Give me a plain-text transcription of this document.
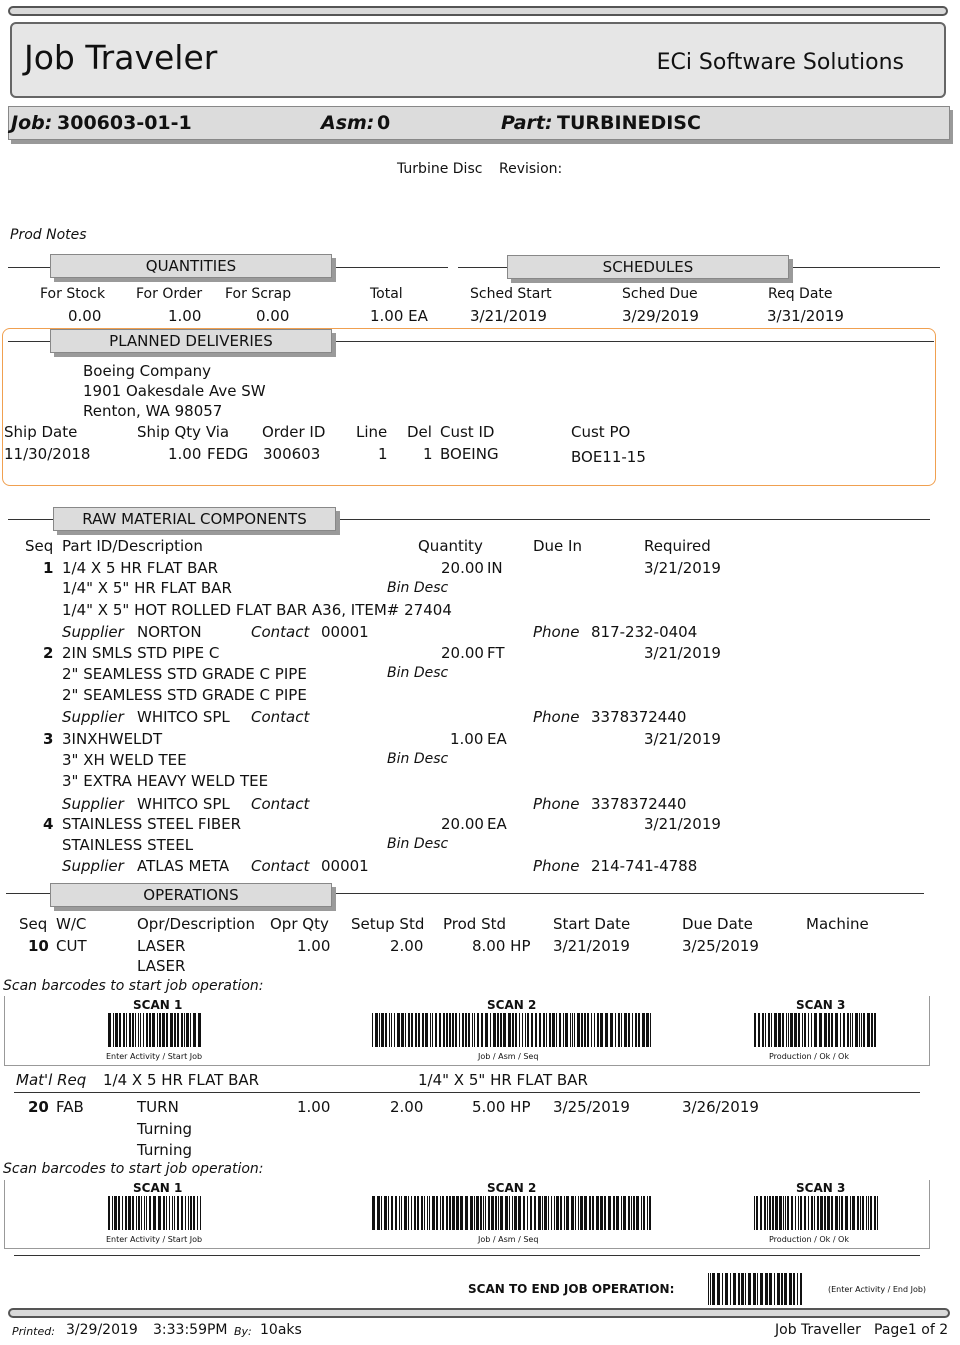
Job Traveler	ECi Software Solutions
Job: 300603-01-1	Asm: 0	Part: TURBINEDISC
Turbine Disc Revision:
Prod Notes
QUANTITIES
For Stock For Order For Scrap	Total
0.00	1.00	0.00	1.00 EA
SCHEDULES
Sched Start	Sched Due	Req Date
3/21/2019	3/29/2019	3/31/2019
PLANNED DELIVERIES
Boeing Company
1901 Oakesdale Ave SW
Renton, WA 98057
Ship Date	Ship Qty Via Order ID Line Del Cust ID	Cust PO
11/30/2018	1.00 FEDG 300603	1 1 BOEING	BOE11-15
RAW MATERIAL COMPONENTS
Seq Part ID/Description	Quantity	Due In	Required
1 1/4 X 5 HR FLAT BAR	20.00 IN	3/21/2019
1/4" X 5" HR FLAT BAR	Bin Desc
1/4" X 5" HOT ROLLED FLAT BAR A36, ITEM# 27404
Supplier NORTON	Contact 00001	Phone 817-232-0404
2 2IN SMLS STD PIPE C	20.00 FT	3/21/2019
2" SEAMLESS STD GRADE C PIPE	Bin Desc
2" SEAMLESS STD GRADE C PIPE
Supplier WHITCO SPL Contact	Phone 3378372440
3 3INXHWELDT	1.00 EA	3/21/2019
3" XH WELD TEE	Bin Desc
3" EXTRA HEAVY WELD TEE
Supplier WHITCO SPL Contact	Phone 3378372440
4 STAINLESS STEEL FIBER	20.00 EA	3/21/2019
STAINLESS STEEL	Bin Desc
Supplier ATLAS META Contact 00001	Phone 214-741-4788
OPERATIONS
Seq W/C	Opr/Description Opr Qty Setup Std Prod Std	Start Date	Due Date	Machine
10 CUT	LASER	1.00	2.00	8.00 HP 3/21/2019	3/25/2019
LASER
Scan barcodes to start job operation:
SCAN 1
Enter Activity / Start Job
SCAN 2
Job / Asm / Seq
SCAN 3
Production / Ok / Ok
Mat'l Req 1/4 X 5 HR FLAT BAR	1/4" X 5" HR FLAT BAR
20 FAB	TURN	1.00	2.00	5.00 HP 3/25/2019	3/26/2019
Turning
Turning
Scan barcodes to start job operation:
SCAN 1
Enter Activity / Start Job
SCAN 2
Job / Asm / Seq
SCAN 3
Production / Ok / Ok
SCAN TO END JOB OPERATION:	(Enter Activity / End Job)
Printed: 3/29/2019 3:33:59PM By: 10aks	Job Traveller Page1 of 2
